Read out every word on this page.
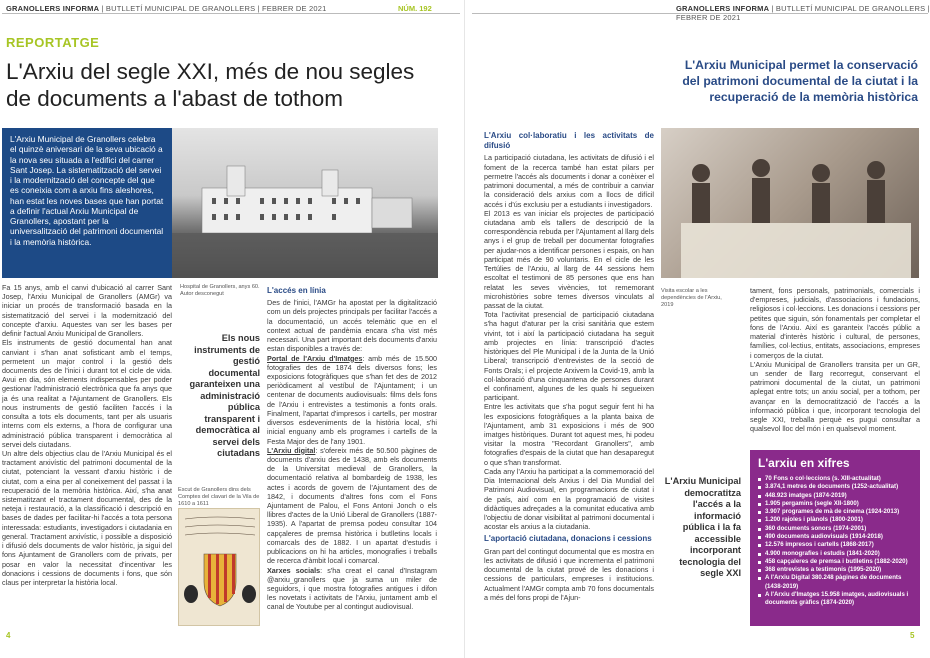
GRANOLLERS INFORMA | BUTLLETÍ MUNICIPAL DE GRANOLLERS | FEBRER DE 2021	NÚM. 192
REPORTATGE
L'Arxiu del segle XXI, més de nou segles
de documents a l'abast de tothom
L'Arxiu Municipal de Granollers celebra el quinzè aniversari de la seva ubicació a la nova seu situada a l'edifici del carrer Sant Josep. La sistematització del servei i la modernització del concepte del que es coneixia com a arxiu fins aleshores, han estat les noves bases que han portat a definir l'actual Arxiu Municipal de Granollers, apostant per la universalització del patrimoni documental i la memòria històrica.
Hospital de Granollers, anys 60. Autor desconegut

Fa 15 anys, amb el canvi d'ubicació al carrer Sant Josep, l'Arxiu Municipal de Granollers (AMGr) va iniciar un procés de transformació basada en la sistematització del servei i la modernització del concepte d'arxiu. Aquestes van ser les bases per definir l'actual Arxiu Municipal de Granollers.

Els instruments de gestió documental han anat canviant i s'han anat sofisticant amb el temps, permetent un major control i la gestió dels documents des de l'inici i durant tot el cicle de vida. Avui en dia, són elements indispensables per poder gestionar l'administració electrònica que fa anys que ja és una realitat a l'Ajuntament de Granollers. Els nous instruments de gestió faciliten l'accés i la consulta a tots els documents, tant per als usuaris interns com els externs, a l'hora de configurar una administració pública transparent i democràtica al servei dels ciutadans.

Un altre dels objectius clau de l'Arxiu Municipal és el tractament arxivístic del patrimoni documental de la ciutat, potenciant la vessant d'arxiu històric i de ciutat, com a eina per al coneixement del passat i la recuperació de la memòria històrica. Així, s'ha anat sistematitzant el tractament documental, des de la neteja i restauració, a la classificació i descripció en bases de dades per facilitar-hi l'accés a tota persona interessada: estudiants, investigadors i ciutadania en general. Tractament arxivístic, i possible a disposició i difusió dels documents de valor històric, ja sigui del fons Ajuntament de Granollers com de privats, per posar en valor la necessitat d'incentivar les donacions i cessions de documents i fons, que són claus per interpretar la història local.

Els nous instruments de gestió documental garanteixen una administració pública transparent i democràtica al servei dels ciutadans
Escut de Granollers dins dels Comptes del clavari de la Vila de 1610 a 1611
L'accés en línia

Des de l'inici, l'AMGr ha apostat per la digitalització com un dels projectes principals per facilitar l'accés a la documentació, un accés telemàtic que en el context actual de pandèmia encara s'ha vist més necessari. Una part important dels documents d'arxiu estan disponibles a través de:

Portal de l'Arxiu d'Imatges: amb més de 15.500 fotografies des de 1874 dels diversos fons; les exposicions fotogràfiques que s'han fet des de 2012 periòdicament al vestíbul de l'Ajuntament; i un centenar de documents audiovisuals: films dels fons de l'Arxiu i entrevistes a testimonis a fonts orals. Finalment, l'apartat d'impresos i cartells, per mostrar diversos esdeveniments de la història local, s'hi inicial enguany amb els programes i cartells de la Festa Major des de l'any 1901.

L'Arxiu digital: s'ofereix més de 50.500 pàgines de documents d'arxiu des de 1438, amb els documents de la Universitat medieval de Granollers, la documentació relativa al bombardeig de 1938, les actes i acords de govern de l'Ajuntament des de 1842, i documents d'altres fons com el Fons Ajuntament de Palou, el Fons Antoni Jonch o els llibres d'actes de la Unió Liberal de Granollers (1887-1935). A l'apartat de premsa podeu consultar 104 capçaleres de premsa històrica i butlletins locals i comarcals des de 1882. I un apartat d'estudis i publicacions on hi ha articles, monografies i treballs de recerca d'àmbit local i comarcal.

Xarxes socials: s'ha creat el canal d'Instagram @arxiu_granollers que ja suma un miler de seguidors, i que mostra fotografies antigues i difon les novetats i activitats de l'Arxiu, juntament amb el canal de Youtube per al contingut audiovisual.

4
GRANOLLERS INFORMA | BUTLLETÍ MUNICIPAL DE GRANOLLERS | FEBRER DE 2021
L'Arxiu Municipal permet la conservació
del patrimoni documental de la ciutat i la
recuperació de la memòria històrica
L'Arxiu col·laboratiu i les activitats de difusió

La participació ciutadana, les activitats de difusió i el foment de la recerca també han estat pilars per permetre l'accés als documents i donar a conèixer el patrimoni documental, a més de contribuir a canviar la consideració dels arxius com a llocs de difícil accés i d'ús exclusiu per a estudiants i investigadors.

El 2013 es van iniciar els projectes de participació ciutadana amb els tallers de descripció de la correspondència rebuda per l'Ajuntament al llarg dels anys i el grup de treball per documentar fotografies per ajudar-nos a identificar persones i espais, on han participat més de 90 voluntaris. En el cicle de les Tertúlies de l'Arxiu, al llarg de 44 sessions hem escoltat el testimoni de 85 persones que ens han relatat les seves vivències, tot rememorant microhistòries sobre temes diversos vinculats al passat de la ciutat.

Tota l'activitat presencial de participació ciutadana s'ha hagut d'aturar per la crisi sanitària que estem vivint, tot i així la participació ciutadana ha seguit amb projectes en línia: transcripció d'actes històriques del Ple Municipal i de la Junta de la Unió Liberal; transcripció d'entrevistes de la secció de Fonts Orals; i el projecte Arxivem la Covid-19, amb la col·laboració d'una cinquantena de persones durant el confinament, algunes de les quals hi segueixen participant.

Entre les activitats que s'ha pogut seguir fent hi ha les exposicions fotogràfiques a la planta baixa de l'Ajuntament, amb 31 exposicions i més de 900 imatges històriques. Durant tot aquest mes, hi podeu visitar la mostra "Recordant Granollers", amb fotografies d'espais de la ciutat que han desaparegut o que s'han transformat.

Cada any l'Arxiu ha participat a la commemoració del Dia Internacional dels Arxius i del Dia Mundial del Patrimoni Audiovisual, en programacions de ciutat i de país, així com en la programació de visites didàctiques adreçades a la comunitat educativa amb l'objectiu de donar visibilitat al patrimoni documental i acostar els arxius a la ciutadania.

L'aportació ciutadana, donacions i cessions

Gran part del contingut documental que es mostra en les activitats de difusió i que incrementa el patrimoni documental de la ciutat prové de les donacions i cessions de particulars, empreses i institucions. Actualment l'AMGr compta amb 70 fons documentals a més del fons propi de l'Ajun-

Visita escolar a les dependències de l'Arxiu, 2019
tament, fons personals, patrimonials, comercials i d'empreses, judicials, d'associacions i fundacions, religiosos i col·leccions. Les donacions i cessions per petites que siguin, són fonamentals per completar el fons de l'Arxiu. Així es garanteix l'accés públic a material d'interès històric i cultural, de persones, famílies, col·lectius, entitats, associacions, empreses i comerços de la ciutat.
L'Arxiu Municipal de Granollers transita per un GR, un sender de llarg recorregut, conservant el patrimoni documental de la ciutat, un patrimoni aplegat entre tots; un arxiu social, per a tothom, per avançar en la democratització de l'accés a la informació pública i que, incorporant tecnologia del segle XXI, treballa perquè es pugui consultar a qualsevol lloc del món i en qualsevol moment.
L'Arxiu Municipal democratitza l'accés a la informació pública i la fa accessible incorporant tecnologia del segle XXI
L'arxiu en xifres
70 Fons o col·leccions (s. XIII-actualitat)
3.874,1 metres de documents (1252-actualitat)
448.923 imatges (1874-2019)
1.905 pergamins (segle XII-1800)
3.907 programes de mà de cinema (1924-2013)
1.200 rajoles i plànols (1800-2001)
360 documents sonors (1974-2001)
490 documents audiovisuals (1914-2018)
12.576 impresos i cartells (1868-2017)
4.900 monografies i estudis (1841-2020)
458 capçaleres de premsa i butlletins (1882-2020)
368 entrevistes a testimonis (1995-2020)
A l'Arxiu Digital 380.248 pàgines de documents (1438-2019)
A l'Arxiu d'Imatges 15.958 imatges, audiovisuals i documents gràfics (1874-2020)
5
